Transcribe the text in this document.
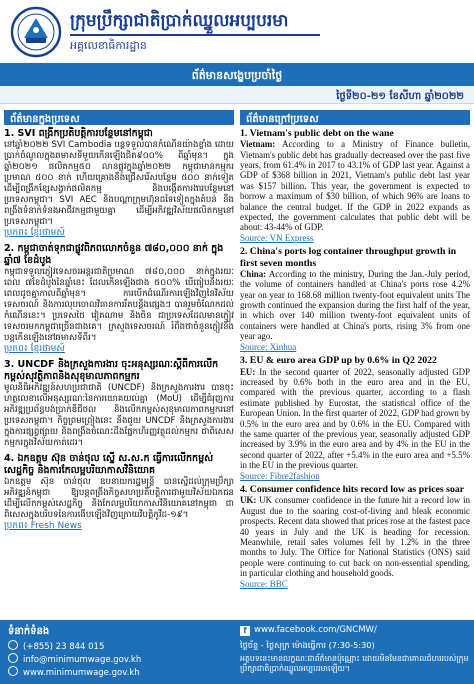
ក្រុមប្រឹក្សាជាតិប្រាក់ឈ្នួលអប្បបរមា
អគ្គលេខាធិការដ្ឋាន
ព័ត៌មានសង្ខេបប្រចាំថ្ងៃ
ថ្ងៃទី២០-២១ ខែសីហា ឆ្នាំ២០២២
ព័ត៌មានក្នុងប្រទេស
1. SVI ពង្រីកប្រតិបត្តិការបន្ថែមនៅកម្ពុជា
នៅឆ្នាំ២០២២ SVI Cambodia បន្តទទួលបានកំណើនយ៉ាងខ្លាំង ដោយប្រាក់ចំណូលក្នុងឆមាសទីមួយកើនឡើងជិត៩០០% ពីឆ្នាំមុន។ ក្នុងឆ្នាំ២០២១ ផលិតកម្ម៥០ លានផ្លូវក្នុងឆ្នាំ២០២២ កម្ពុជាមានកម្មករប្រមាណ ៥០០ នាក់ ហើយគ្រោងនឹងជ្រើសរើសបន្ថែម ៥០០ នាក់ទៀត ដើម្បីពង្រីកខ្សែសង្វាក់ផលិតកម្ម និងបង្កើតការងារបន្ថែមនៅប្រទេសកម្ពុជា។ SVI AEC និងបណ្តាក្រុមហ៊ុនដទៃទៀតក្នុងតំបន់ នឹងពង្រឹងទំនាក់ទំនងអាជីវកម្មជាមួយគ្នា ដើម្បីអភិវឌ្ឍវិស័យផលិតកម្មនៅប្រទេសកម្ពុជា។
ប្រភព៖ ខ្មែរថាមស៍
2. កម្ពុជាចាត់ទុកជាផ្លូវពិភពលោកចំនួន ៧៨០,០០០ នាក់ ក្នុងឆ្នាំ៧ ខែដំបូង
កម្ពុជាទទួលភ្ញៀវទេសចរអន្តរជាតិប្រមាណ ៧៨០,០០០ នាក់ក្នុងរយៈពេល ៧ខែដំបូងនៃឆ្នាំនេះ ដែលកើនឡើងជាង ៥០០% បើធៀបនឹងរយៈពេលដូចគ្នាកាលពីឆ្នាំមុន។ ការបើកដំណើរការឡើងវិញនៃវិស័យទេសចរណ៍ និងការលុបចោលវិធានការរឹតបន្តឹងផ្សេងៗ បានរួមចំណែកដល់កំណើននេះ។ ប្រទេសថៃ វៀតណាម និងចិន ជាប្រទេសដែលមានភ្ញៀវទេសចរមកកម្ពុជាច្រើនជាងគេ។ ក្រសួងទេសចរណ៍ រំពឹងថាចំនួនភ្ញៀវនឹងបន្តកើនឡើងនៅឆមាសទីពីរ។
ប្រភព៖ ខ្មែរថាមស៍
3. UNCDF និងក្រសួងការងារ ចុះអនុស្សរណៈស្តីពីការលើកកម្ពស់សុវត្ថិភាពនិងសុខុមាលភាពកម្មករ
មូលនិធិអភិវឌ្ឍន៍សហប្រជាជាតិ (UNCDF) និងក្រសួងការងារ បានចុះហត្ថលេខាលើអនុស្សរណៈនៃការយោគយល់គ្នា (MoU) ដើម្បីជំរុញការអភិវឌ្ឍប្រព័ន្ធបង់ប្រាក់ឌីជីថល និងលើកកម្ពស់សុខុមាលភាពកម្មករនៅប្រទេសកម្ពុជា។ កិច្ចព្រមព្រៀងនេះ នឹងជួយ UNCDF និងក្រសួងការងារ ក្នុងការផ្សព្វផ្សាយ និងពង្រឹងចំណេះដឹងផ្នែកហិរញ្ញវត្ថុដល់កម្មករ ជាពិសេសកម្មករក្នុងវិស័យកាត់ដេរ។
4. ឯកឧត្តម ស៊ុន ចាន់ថុល ស្នើ ស.ស.ក ធ្វើការលើកកម្ពស់សេដ្ឋកិច្ច និងការកែលម្អបរិយាកាសវិនិយោគ
ឯកឧត្តម ស៊ុន ចាន់ថុល ឧបនាយករដ្ឋមន្ត្រី បានស្នើដល់ក្រុមប្រឹក្សាអភិវឌ្ឍន៍កម្ពុជា ឱ្យបន្តពង្រឹងកិច្ចសហប្រតិបត្តិការជាមួយវិស័យឯកជន ដើម្បីលើកកម្ពស់សេដ្ឋកិច្ច និងកែលម្អបរិយាកាសវិនិយោគនៅកម្ពុជា ជាពិសេសក្នុងបរិបទនៃការងើបឡើងវិញក្រោយវិបត្តិកូវីដ-១៩។
ប្រភព៖ Fresh News
ព័ត៌មានក្រៅប្រទេស
1. Vietnam's public debt on the wane
Vietnam: According to a Ministry of Finance bulletin, Vietnam's public debt has gradually decreased over the past five years, from 61.4% in 2017 to 43.1% of GDP last year. Against a GDP of $368 billion in 2021, Vietnam's public debt last year was $157 billion. This year, the government is expected to borrow a maximum of $30 billion, of which 96% are loans to balance the central budget. If the GDP in 2022 expands as expected, the government calculates that public debt will be about: 43-44% of GDP.
Source: VN Express
2. China's ports log container throughput growth in first seven months
China: According to the ministry, During the Jan.-July period, the volume of containers handled at China's ports rose 4.2% year on year to 168.68 million twenty-foot equivalent units The growth continued the expansion during the first half of the year, in which over 140 million twenty-foot equivalent units of containers were handled at China's ports, rising 3% from one year ago.
Source: Xinhua
3. EU & euro area GDP up by 0.6% in Q2 2022
EU: In the second quarter of 2022, seasonally adjusted GDP increased by 0.6% both in the euro area and in the EU, compared with the previous quarter, according to a flash estimate published by Eurostat, the statistical office of the European Union. In the first quarter of 2022, GDP had grown by 0.5% in the euro area and by 0.6% in the EU. Compared with the same quarter of the previous year, seasonally adjusted GDP increased by 3.9% in the euro area and by 4% in the EU in the second quarter of 2022, after +5.4% in the euro area and +5.5% in the EU in the previous quarter.
Source: Fibre2fashion
4. Consumer confidence hits record low as prices soar
UK: UK consumer confidence in the future hit a record low in August due to the soaring cost-of-living and bleak economic prospects. Recent data showed that prices rose at the fastest pace 40 years in July and the UK is heading for recession. Meanwhile, retail sales volumes fell by 1.2% in the three months to July. The Office for National Statistics (ONS) said people were continuing to cut back on non-essential spending, in particular clothing and household goods.
Source: BBC
ទំនាក់ទំនង
(+855) 23 844 015
info@minimumwage.gov.kh
www.minimumwage.gov.kh
f www.facebook.com/GNCMW/
ថ្ងៃច័ន្ទ - ថ្ងៃសុក្រ ម៉ោងធ្វើការ (7:30-5:30)
អត្ថបទនេះមានលក្ខណៈជាព័ត៌មានប៉ុណ្ណោះ ដោយមិនមែនជាគោលជំហររបស់ក្រុមប្រឹក្សាជាតិប្រាក់ឈ្នួលអប្បបរមាឡើយ។
